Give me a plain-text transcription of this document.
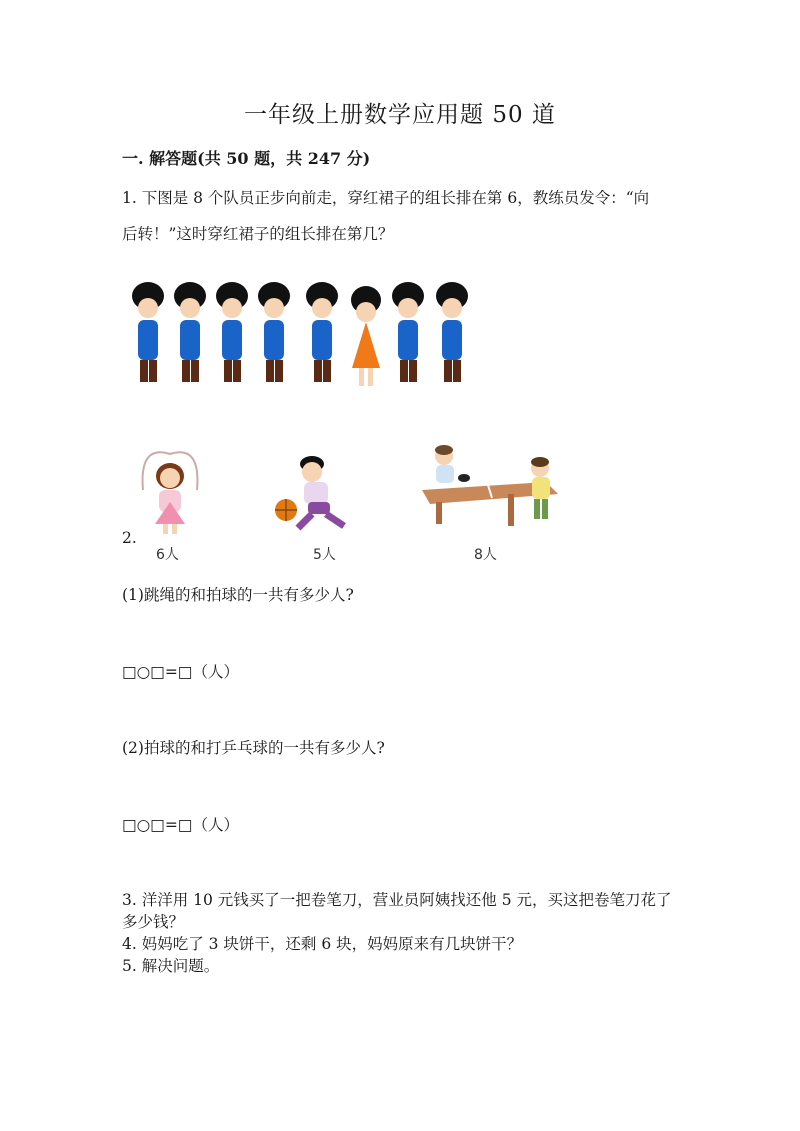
一年级上册数学应用题 50 道
一. 解答题(共 50 题，共 247 分)
1. 下图是 8 个队员正步向前走，穿红裙子的组长排在第 6，教练员发令：“向
后转！”这时穿红裙子的组长排在第几？
2.
6人	5人	8人
(1)跳绳的和拍球的一共有多少人?
□○□=□（人）
(2)拍球的和打乒乓球的一共有多少人?
□○□=□（人）
3. 洋洋用 10 元钱买了一把卷笔刀，营业员阿姨找还他 5 元，买这把卷笔刀花了
多少钱？
4. 妈妈吃了 3 块饼干，还剩 6 块，妈妈原来有几块饼干？
5. 解决问题。
